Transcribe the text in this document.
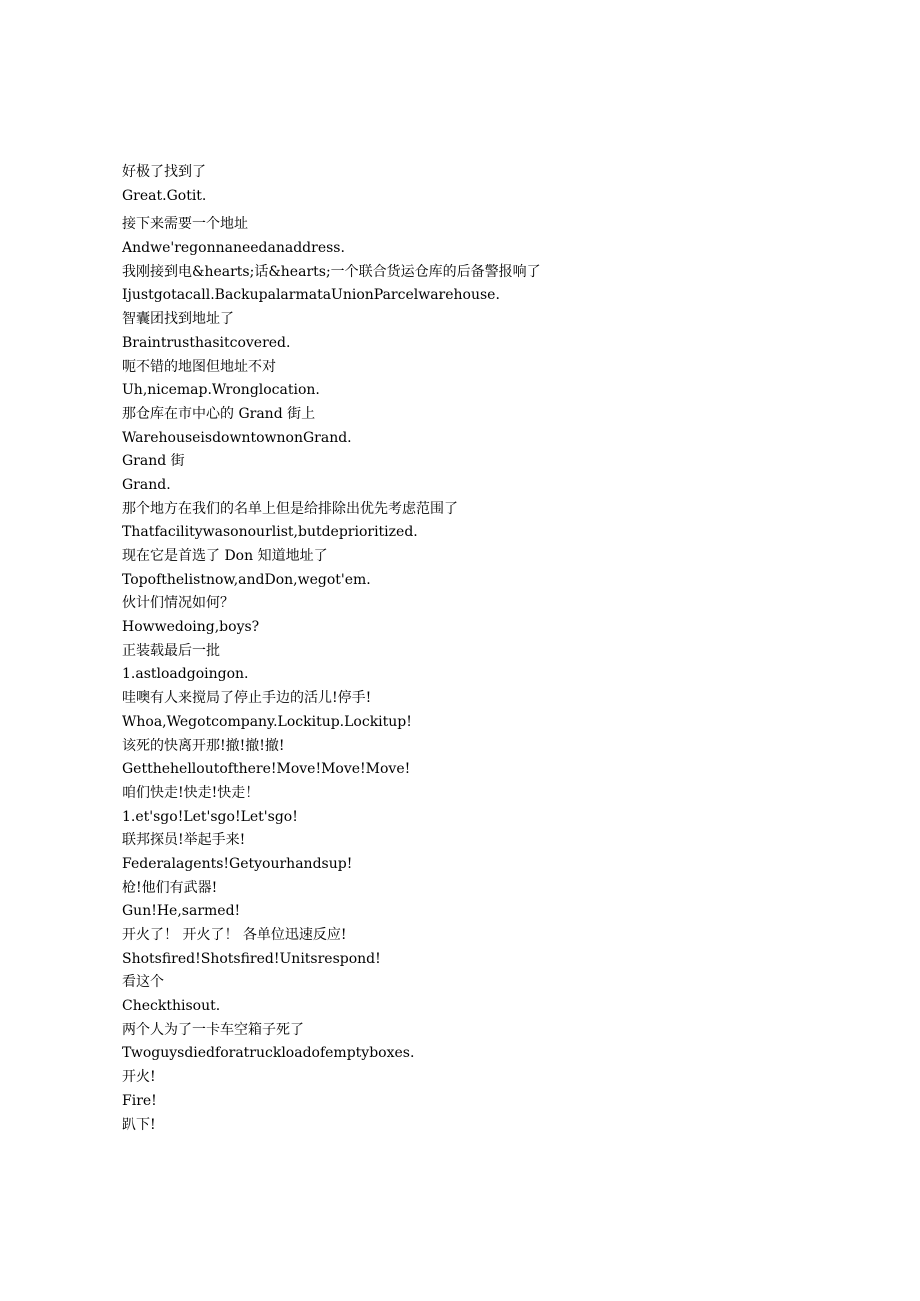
好极了找到了
Great.Gotit.
接下来需要一个地址
Andwe'regonnaneedanaddress.
我刚接到电&hearts;话&hearts;一个联合货运仓库的后备警报响了
Ijustgotacall.BackupalarmataUnionParcelwarehouse.
智囊团找到地址了
Braintrusthasitcovered.
呃不错的地图但地址不对
Uh,nicemap.Wronglocation.
那仓库在市中心的 Grand 街上
WarehouseisdowntownonGrand.
Grand 街
Grand.
那个地方在我们的名单上但是给排除出优先考虑范围了
Thatfacilitywasonourlist,butdeprioritized.
现在它是首选了 Don 知道地址了
Topofthelistnow,andDon,wegot'em.
伙计们情况如何？
Howwedoing,boys?
正装载最后一批
1.astloadgoingon.
哇噢有人来搅局了停止手边的活儿!停手!
Whoa,Wegotcompany.Lockitup.Lockitup!
该死的快离开那!撤!撤!撤!
Getthehelloutofthere!Move!Move!Move!
咱们快走!快走!快走！
1.et'sgo!Let'sgo!Let'sgo!
联邦探员!举起手来!
Federalagents!Getyourhandsup!
枪!他们有武器!
Gun!He,sarmed!
开火了！ 开火了！ 各单位迅速反应!
Shotsfired!Shotsfired!Unitsrespond!
看这个
Checkthisout.
两个人为了一卡车空箱子死了
Twoguysdiedforatruckloadofemptyboxes.
开火!
Fire!
趴下!
